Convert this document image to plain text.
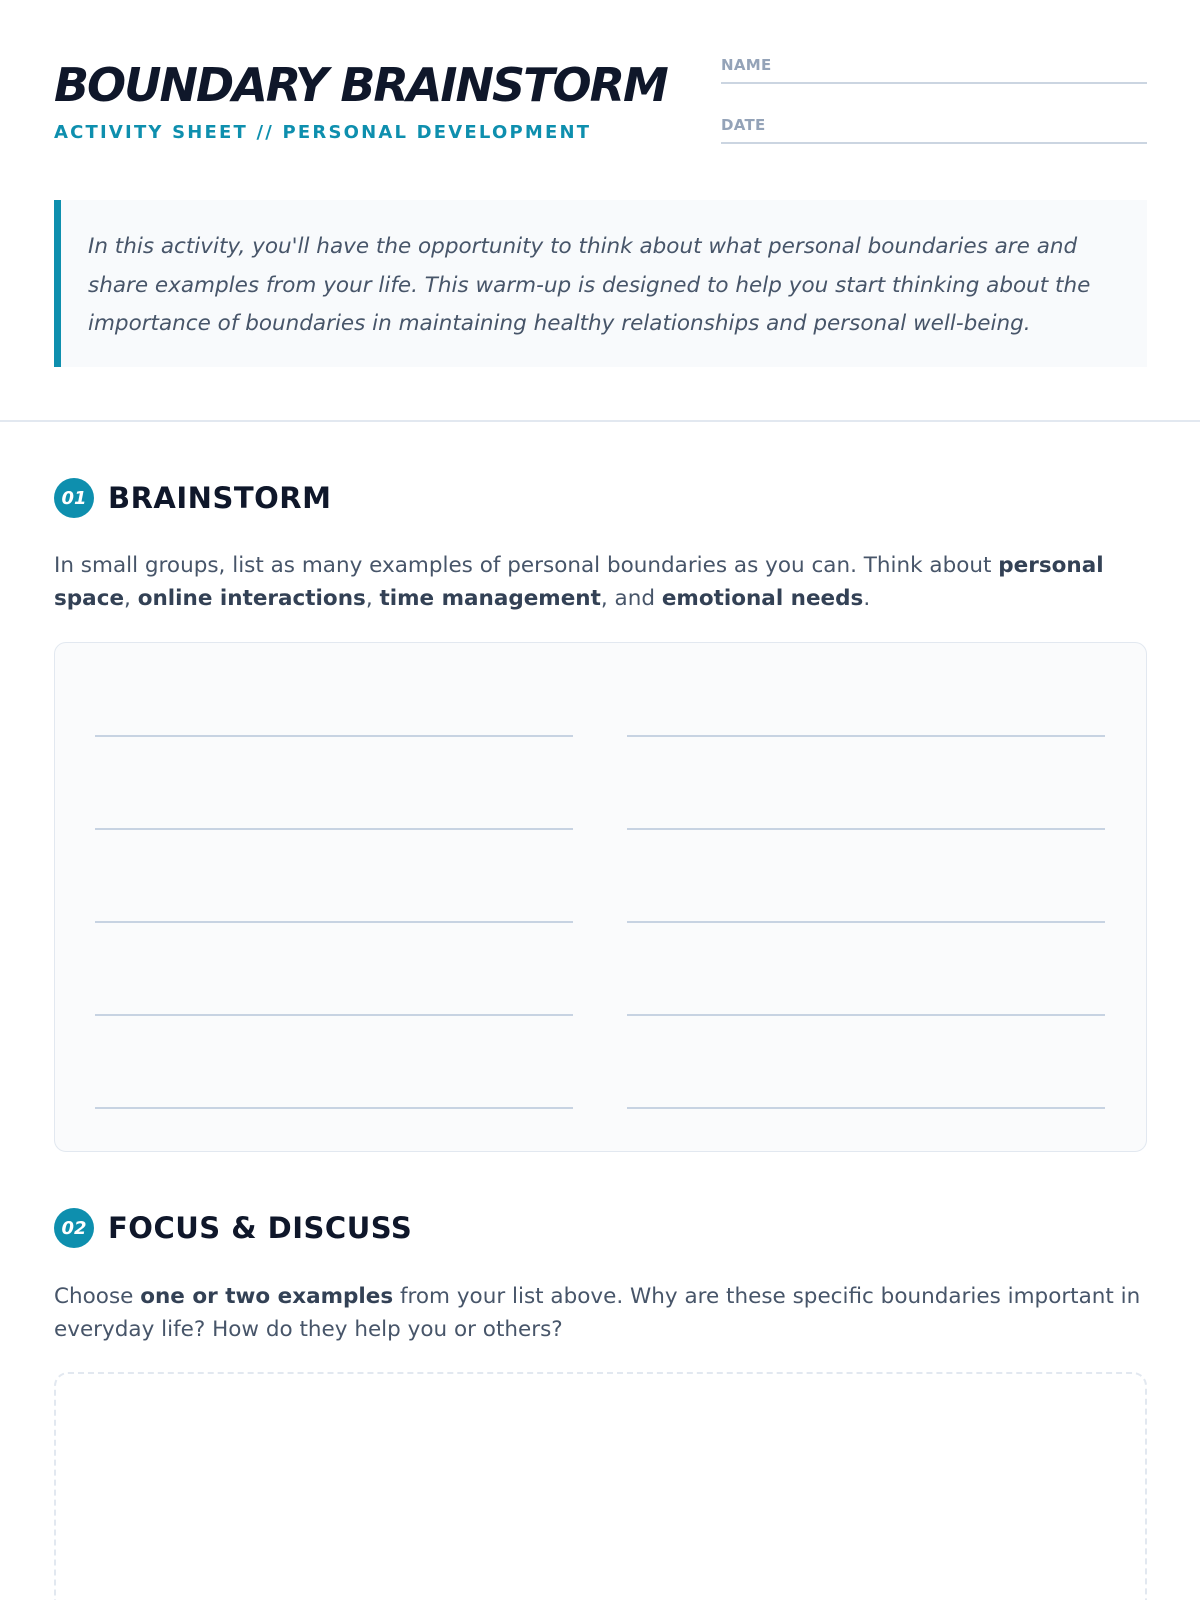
BOUNDARY BRAINSTORM
ACTIVITY SHEET // PERSONAL DEVELOPMENT
NAME
DATE

In this activity, you'll have the opportunity to think about what personal boundaries are and share examples from your life. This warm-up is designed to help you start thinking about the importance of boundaries in maintaining healthy relationships and personal well-being.

01 BRAINSTORM

In small groups, list as many examples of personal boundaries as you can. Think about personal space, online interactions, time management, and emotional needs.

02 FOCUS & DISCUSS

Choose one or two examples from your list above. Why are these specific boundaries important in everyday life? How do they help you or others?
